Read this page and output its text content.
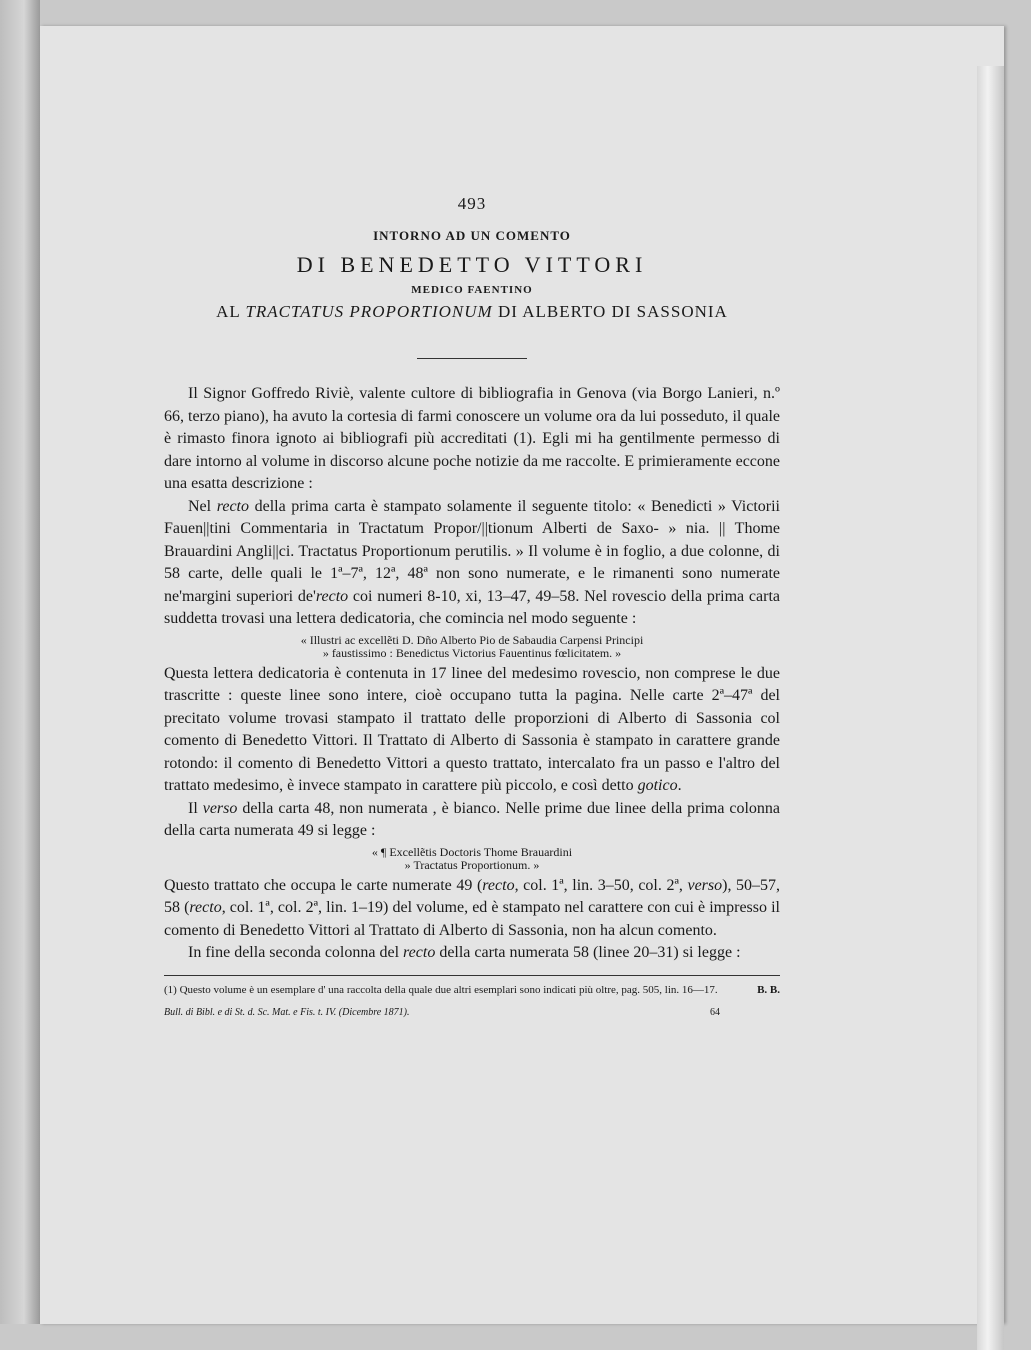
493
INTORNO AD UN COMENTO
DI BENEDETTO VITTORI
MEDICO FAENTINO
AL TRACTATUS PROPORTIONUM DI ALBERTO DI SASSONIA

Il Signor Goffredo Riviè, valente cultore di bibliografia in Genova (via Borgo Lanieri, n.º 66, terzo piano), ha avuto la cortesia di farmi conoscere un volume ora da lui posseduto, il quale è rimasto finora ignoto ai bibliografi più accreditati (1). Egli mi ha gentilmente permesso di dare intorno al volume in discorso alcune poche notizie da me raccolte. E primieramente eccone una esatta descrizione :

Nel recto della prima carta è stampato solamente il seguente titolo: « Benedicti » Victorii Fauen||tini Commentaria in Tractatum Propor/||tionum Alberti de Saxo- » nia. || Thome Brauardini Angli||ci. Tractatus Proportionum perutilis. » Il volume è in foglio, a due colonne, di 58 carte, delle quali le 1ª–7ª, 12ª, 48ª non sono numerate, e le rimanenti sono numerate ne'margini superiori de'recto coi numeri 8-10, xi, 13–47, 49–58. Nel rovescio della prima carta suddetta trovasi una lettera dedicatoria, che comincia nel modo seguente :

« Illustri ac excellẽti D. Dño Alberto Pio de Sabaudia Carpensi Principi
» faustissimo : Benedictus Victorius Fauentinus fœlicitatem. »

Questa lettera dedicatoria è contenuta in 17 linee del medesimo rovescio, non comprese le due trascritte : queste linee sono intere, cioè occupano tutta la pagina. Nelle carte 2ª–47ª del precitato volume trovasi stampato il trattato delle proporzioni di Alberto di Sassonia col comento di Benedetto Vittori. Il Trattato di Alberto di Sassonia è stampato in carattere grande rotondo: il comento di Benedetto Vittori a questo trattato, intercalato fra un passo e l'altro del trattato medesimo, è invece stampato in carattere più piccolo, e così detto gotico.

Il verso della carta 48, non numerata , è bianco. Nelle prime due linee della prima colonna della carta numerata 49 si legge :

« ¶ Excellẽtis Doctoris Thome Brauardini
» Tractatus Proportionum. »

Questo trattato che occupa le carte numerate 49 (recto, col. 1ª, lin. 3–50, col. 2ª, verso), 50–57, 58 (recto, col. 1ª, col. 2ª, lin. 1–19) del volume, ed è stampato nel carattere con cui è impresso il comento di Benedetto Vittori al Trattato di Alberto di Sassonia, non ha alcun comento.

In fine della seconda colonna del recto della carta numerata 58 (linee 20–31) si legge :

(1) Questo volume è un esemplare d' una raccolta della quale due altri esemplari sono indicati più oltre, pag. 505, lin. 16—17.	B. B.

Bull. di Bibl. e di St. d. Sc. Mat. e Fis. t. IV. (Dicembre 1871).	64
